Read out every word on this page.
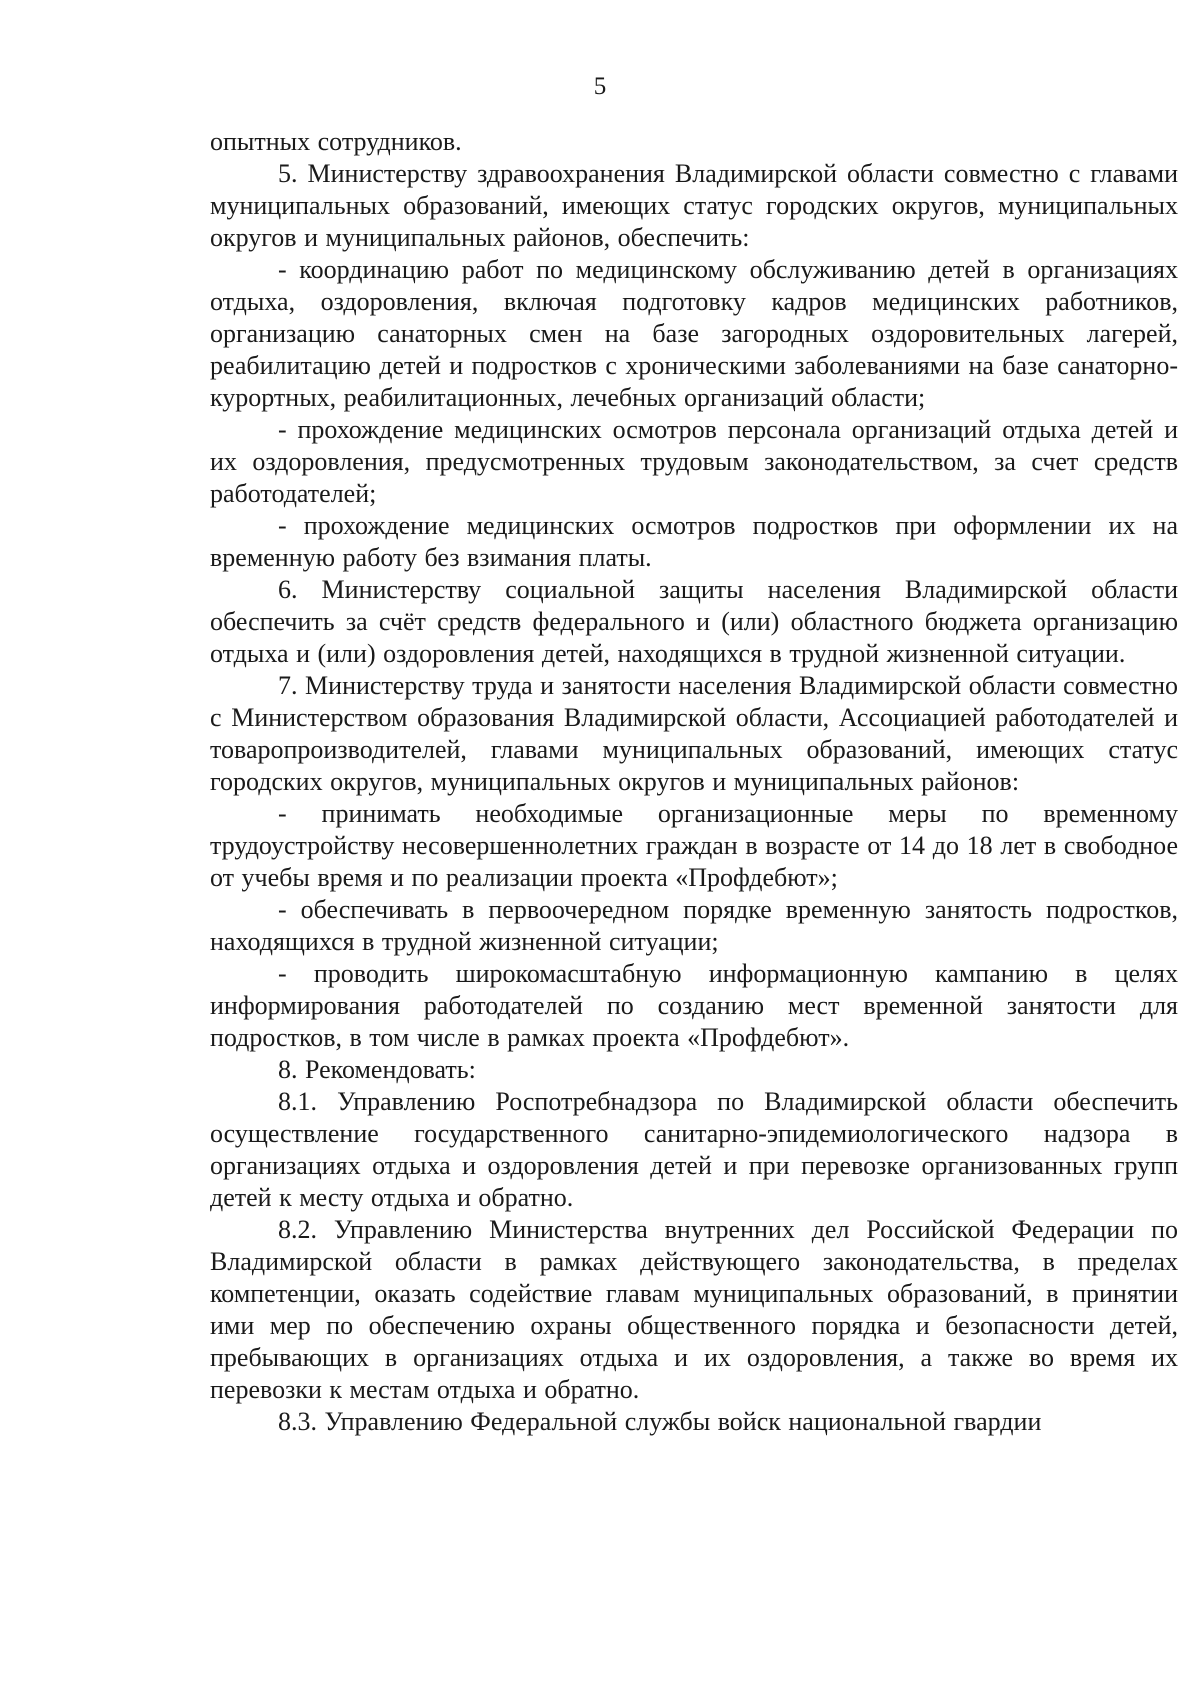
5

опытных сотрудников.

5. Министерству здравоохранения Владимирской области совместно с главами муниципальных образований, имеющих статус городских округов, муниципальных округов и муниципальных районов, обеспечить:

- координацию работ по медицинскому обслуживанию детей в организациях отдыха, оздоровления, включая подготовку кадров медицинских работников, организацию санаторных смен на базе загородных оздоровительных лагерей, реабилитацию детей и подростков с хроническими заболеваниями на базе санаторно-курортных, реабилитационных, лечебных организаций области;

- прохождение медицинских осмотров персонала организаций отдыха детей и их оздоровления, предусмотренных трудовым законодательством, за счет средств работодателей;

- прохождение медицинских осмотров подростков при оформлении их на временную работу без взимания платы.

6. Министерству социальной защиты населения Владимирской области обеспечить за счёт средств федерального и (или) областного бюджета организацию отдыха и (или) оздоровления детей, находящихся в трудной жизненной ситуации.

7. Министерству труда и занятости населения Владимирской области совместно с Министерством образования Владимирской области, Ассоциацией работодателей и товаропроизводителей, главами муниципальных образований, имеющих статус городских округов, муниципальных округов и муниципальных районов:

- принимать необходимые организационные меры по временному трудоустройству несовершеннолетних граждан в возрасте от 14 до 18 лет в свободное от учебы время и по реализации проекта «Профдебют»;

- обеспечивать в первоочередном порядке временную занятость подростков, находящихся в трудной жизненной ситуации;

- проводить широкомасштабную информационную кампанию в целях информирования работодателей по созданию мест временной занятости для подростков, в том числе в рамках проекта «Профдебют».

8. Рекомендовать:

8.1. Управлению Роспотребнадзора по Владимирской области обеспечить осуществление государственного санитарно-эпидемиологического надзора в организациях отдыха и оздоровления детей и при перевозке организованных групп детей к месту отдыха и обратно.

8.2. Управлению Министерства внутренних дел Российской Федерации по Владимирской области в рамках действующего законодательства, в пределах компетенции, оказать содействие главам муниципальных образований, в принятии ими мер по обеспечению охраны общественного порядка и безопасности детей, пребывающих в организациях отдыха и их оздоровления, а также во время их перевозки к местам отдыха и обратно.

8.3. Управлению Федеральной службы войск национальной гвардии
